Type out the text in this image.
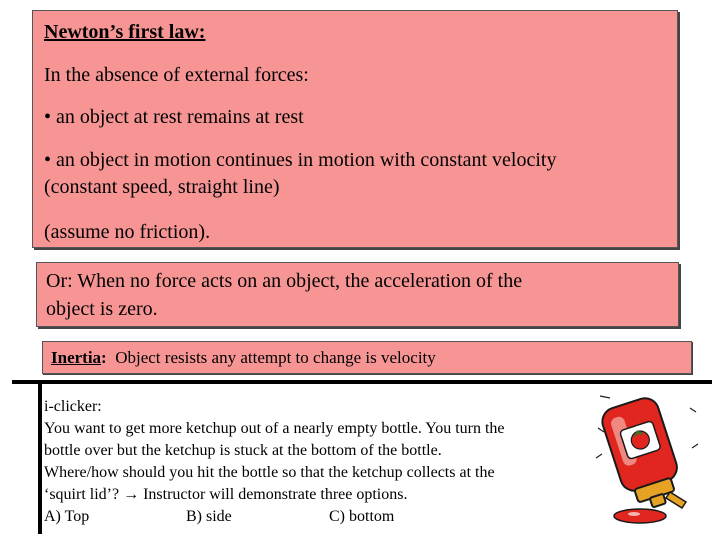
Newton’s first law:
In the absence of external forces:
• an object at rest remains at rest
• an object in motion continues in motion with constant velocity
(constant speed, straight line)
(assume no friction).
Or: When no force acts on an object, the acceleration of the
object is zero.
Inertia:  Object resists any attempt to change is velocity
i-clicker:
You want to get more ketchup out of a nearly empty bottle. You turn the
bottle over but the ketchup is stuck at the bottom of the bottle.
Where/how should you hit the bottle so that the ketchup collects at the
‘squirt lid’? → Instructor will demonstrate three options.
A) Top	B) side	C) bottom
